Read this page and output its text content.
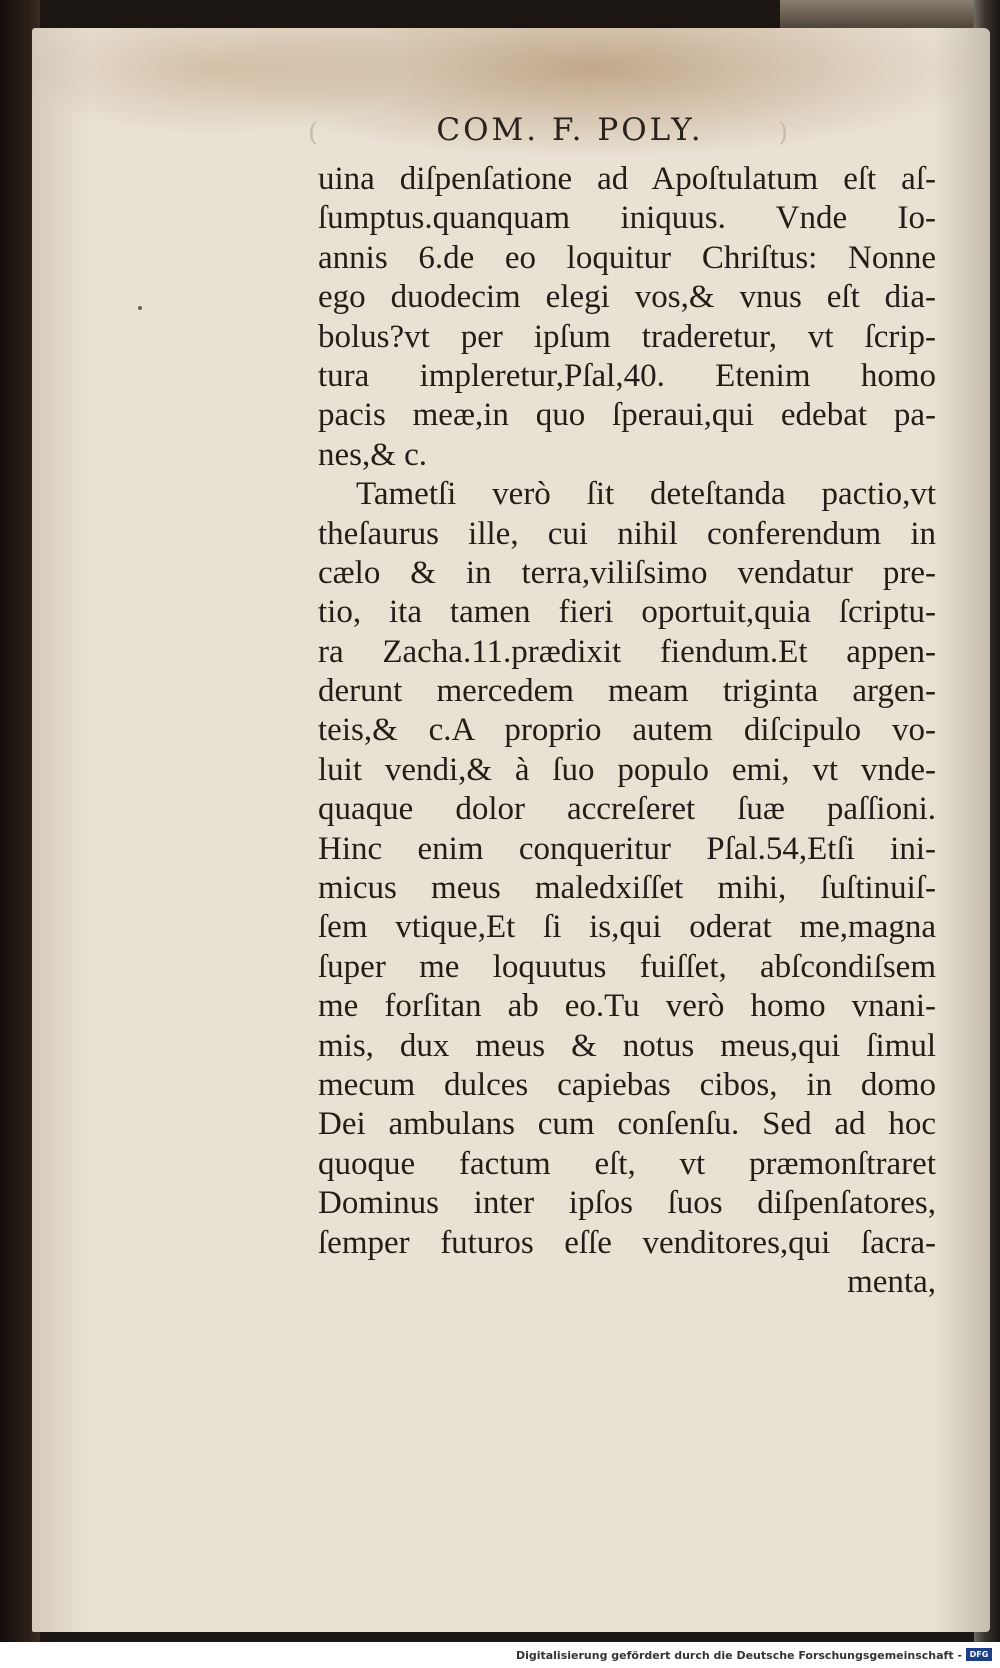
(	)
COM. F. POLY.
uina diſpenſatione ad Apoſtulatum eſt aſ-
ſumptus.quanquam iniquus. Vnde Io-
annis 6.de eo loquitur Chriſtus: Nonne
ego duodecim elegi vos,& vnus eſt dia-
bolus?vt per ipſum traderetur, vt ſcrip-
tura impleretur,Pſal,40. Etenim homo
pacis meæ,in quo ſperaui,qui edebat pa-
nes,& c.
Tametſi verò ſit deteſtanda pactio,vt
theſaurus ille, cui nihil conferendum in
cælo & in terra,viliſsimo vendatur pre-
tio, ita tamen fieri oportuit,quia ſcriptu-
ra Zacha.11.prædixit fiendum.Et appen-
derunt mercedem meam triginta argen-
teis,& c.A proprio autem diſcipulo vo-
luit vendi,& à ſuo populo emi, vt vnde-
quaque dolor accreſeret ſuæ paſſioni.
Hinc enim conqueritur Pſal.54,Etſi ini-
micus meus maledxiſſet mihi, ſuſtinuiſ-
ſem vtique,Et ſi is,qui oderat me,magna
ſuper me loquutus fuiſſet, abſcondiſsem
me forſitan ab eo.Tu verò homo vnani-
mis, dux meus & notus meus,qui ſimul
mecum dulces capiebas cibos, in domo
Dei ambulans cum conſenſu. Sed ad hoc
quoque factum eſt, vt præmonſtraret
Dominus inter ipſos ſuos diſpenſatores,
ſemper futuros eſſe venditores,qui ſacra-
menta,
Digitalisierung gefördert durch die Deutsche Forschungsgemeinschaft - DFG
